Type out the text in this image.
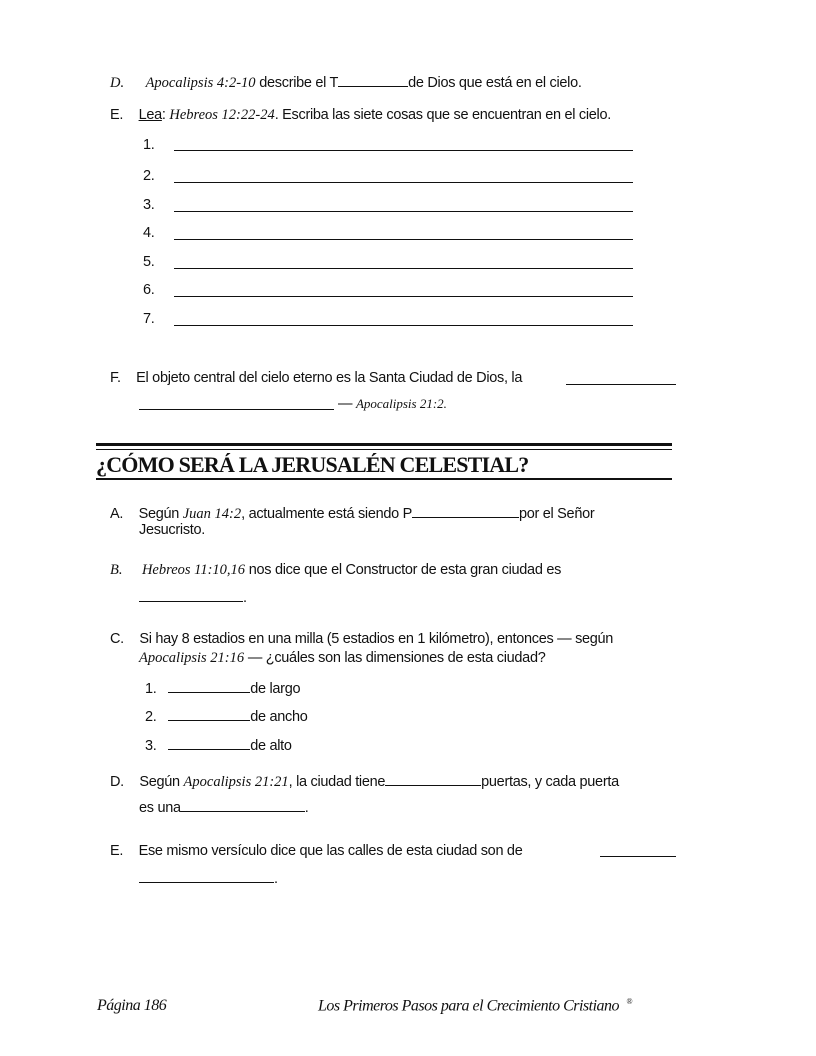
D. Apocalipsis 4:2-10 describe el T	de Dios que está en el cielo.
E. Lea: Hebreos 12:22-24. Escriba las siete cosas que se encuentran en el cielo.
1.
2.
3.
4.
5.
6.
7.
F. El objeto central del cielo eterno es la Santa Ciudad de Dios, la
— Apocalipsis 21:2.
¿CÓMO SERÁ LA JERUSALÉN CELESTIAL?
A. Según Juan 14:2, actualmente está siendo P	por el Señor
Jesucristo.
B. Hebreos 11:10,16 nos dice que el Constructor de esta gran ciudad es
.
C. Si hay 8 estadios en una milla (5 estadios en 1 kilómetro), entonces — según
Apocalipsis 21:16 — ¿cuáles son las dimensiones de esta ciudad?
1.	de largo
2.	de ancho
3.	de alto
D. Según Apocalipsis 21:21, la ciudad tiene	puertas, y cada puerta
es una	.
E. Ese mismo versículo dice que las calles de esta ciudad son de
.
Página 186	Los Primeros Pasos para el Crecimiento Cristiano ®
